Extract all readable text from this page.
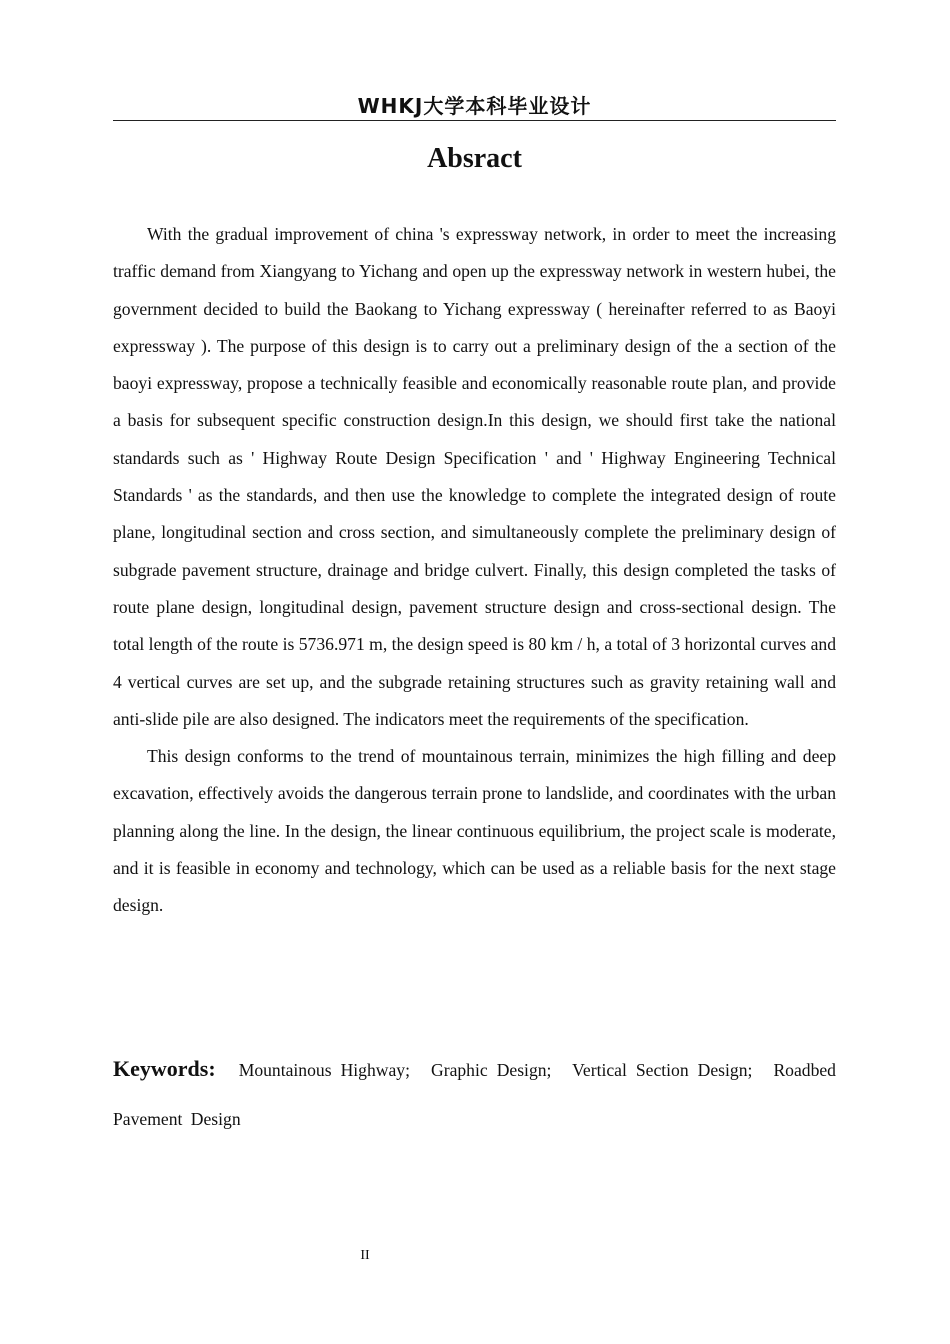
WHKJ大学本科毕业设计
Absract

With the gradual improvement of china 's expressway network, in order to meet the increasing traffic demand from Xiangyang to Yichang and open up the expressway network in western hubei, the government decided to build the Baokang to Yichang expressway ( hereinafter referred to as Baoyi expressway ). The purpose of this design is to carry out a preliminary design of the a section of the baoyi expressway, propose a technically feasible and economically reasonable route plan, and provide a basis for subsequent specific construction design.In this design, we should first take the national standards such as ' Highway Route Design Specification ' and ' Highway Engineering Technical Standards ' as the standards, and then use the knowledge to complete the integrated design of route plane, longitudinal section and cross section, and simultaneously complete the preliminary design of subgrade pavement structure, drainage and bridge culvert. Finally, this design completed the tasks of route plane design, longitudinal design, pavement structure design and cross-sectional design. The total length of the route is 5736.971 m, the design speed is 80 km / h, a total of 3 horizontal curves and 4 vertical curves are set up, and the subgrade retaining structures such as gravity retaining wall and anti-slide pile are also designed. The indicators meet the requirements of the specification.

This design conforms to the trend of mountainous terrain, minimizes the high filling and deep excavation, effectively avoids the dangerous terrain prone to landslide, and coordinates with the urban planning along the line. In the design, the linear continuous equilibrium, the project scale is moderate, and it is feasible in economy and technology, which can be used as a reliable basis for the next stage design.

Keywords: Mountainous Highway; Graphic Design; Vertical Section Design; Roadbed Pavement Design
II
